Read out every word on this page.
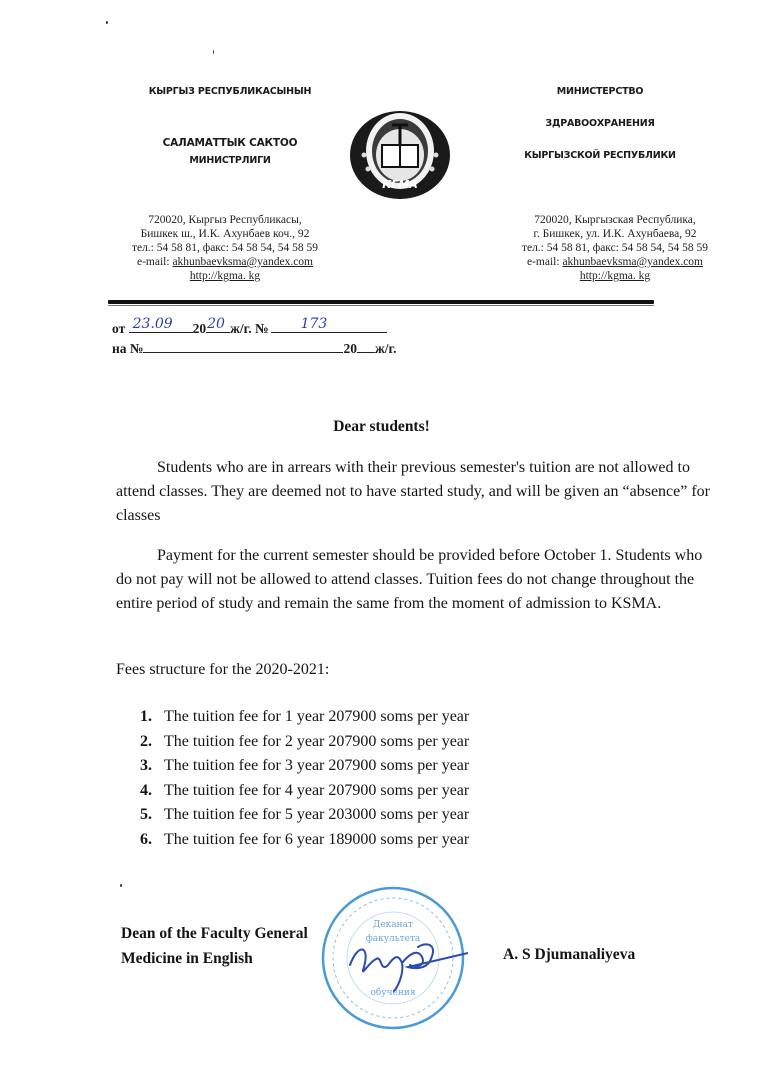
КЫРГЫЗ РЕСПУБЛИКАСЫНЫН
САЛАМАТТЫК САКТОО
МИНИСТРЛИГИ
720020, Кыргыз Республикасы,
Бишкек ш., И.К. Ахунбаев коч., 92
тел.: 54 58 81, факс: 54 58 54, 54 58 59
e-mail: akhunbaevksma@yandex.com
http://kgma. kg
КГМА
МИНИСТЕРСТВО
ЗДРАВООХРАНЕНИЯ
КЫРГЫЗСКОЙ РЕСПУБЛИКИ
720020, Кыргызская Республика,
г. Бишкек, ул. И.К. Ахунбаева, 92
тел.: 54 58 81, факс: 54 58 54, 54 58 59
e-mail: akhunbaevksma@yandex.com
http://kgma. kg
от 23.09 20 20 ж/г. № 173
на №	20 ж/г.
Dear students!

Students who are in arrears with their previous semester's tuition are not allowed to attend classes. They are deemed not to have started study, and will be given an “absence” for classes

Payment for the current semester should be provided before October 1. Students who do not pay will not be allowed to attend classes. Tuition fees do not change throughout the entire period of study and remain the same from the moment of admission to KSMA.

Fees structure for the 2020-2021:
1. The tuition fee for 1 year 207900 soms per year
2. The tuition fee for 2 year 207900 soms per year
3. The tuition fee for 3 year 207900 soms per year
4. The tuition fee for 4 year 207900 soms per year
5. The tuition fee for 5 year 203000 soms per year
6. The tuition fee for 6 year 189000 soms per year
Dean of the Faculty General
Medicine in English
Деканат
факультета
обучения
A. S Djumanaliyeva
